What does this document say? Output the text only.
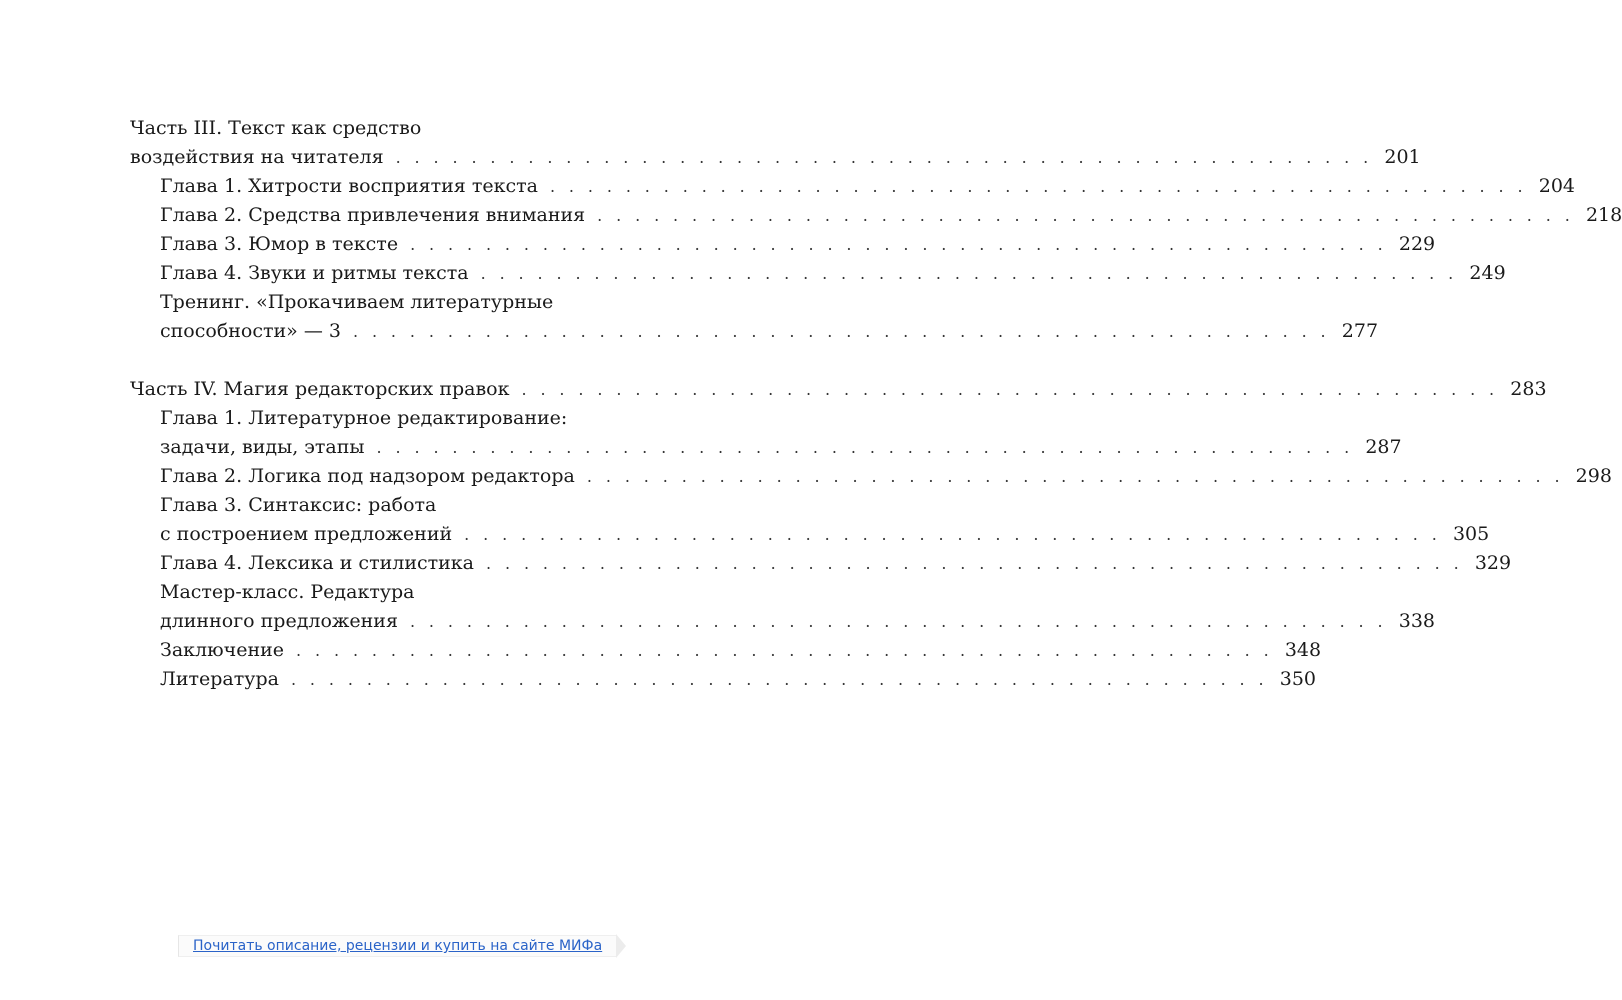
Часть III. Текст как средство
воздействия на читателя . . . . . . . . . . . . . . . . . . . . . . . . . . . . . . . . . . . . . . . . . . . . . . . . . . . . 201
Глава 1. Хитрости восприятия текста . . . . . . . . . . . . . . . . . . . . . . . . . . . . . . . . . . . . . . . . . . . . . . . . . . . . 204
Глава 2. Средства привлечения внимания . . . . . . . . . . . . . . . . . . . . . . . . . . . . . . . . . . . . . . . . . . . . . . . . . . . . 218
Глава 3. Юмор в тексте . . . . . . . . . . . . . . . . . . . . . . . . . . . . . . . . . . . . . . . . . . . . . . . . . . . . 229
Глава 4. Звуки и ритмы текста . . . . . . . . . . . . . . . . . . . . . . . . . . . . . . . . . . . . . . . . . . . . . . . . . . . . 249
Тренинг. «Прокачиваем литературные
способности» — 3 . . . . . . . . . . . . . . . . . . . . . . . . . . . . . . . . . . . . . . . . . . . . . . . . . . . . 277
Часть IV. Магия редакторских правок . . . . . . . . . . . . . . . . . . . . . . . . . . . . . . . . . . . . . . . . . . . . . . . . . . . . 283
Глава 1. Литературное редактирование:
задачи, виды, этапы . . . . . . . . . . . . . . . . . . . . . . . . . . . . . . . . . . . . . . . . . . . . . . . . . . . . 287
Глава 2. Логика под надзором редактора . . . . . . . . . . . . . . . . . . . . . . . . . . . . . . . . . . . . . . . . . . . . . . . . . . . . 298
Глава 3. Синтаксис: работа
с построением предложений . . . . . . . . . . . . . . . . . . . . . . . . . . . . . . . . . . . . . . . . . . . . . . . . . . . . 305
Глава 4. Лексика и стилистика . . . . . . . . . . . . . . . . . . . . . . . . . . . . . . . . . . . . . . . . . . . . . . . . . . . . 329
Мастер-класс. Редактура
длинного предложения . . . . . . . . . . . . . . . . . . . . . . . . . . . . . . . . . . . . . . . . . . . . . . . . . . . . 338
Заключение . . . . . . . . . . . . . . . . . . . . . . . . . . . . . . . . . . . . . . . . . . . . . . . . . . . . 348
Литература . . . . . . . . . . . . . . . . . . . . . . . . . . . . . . . . . . . . . . . . . . . . . . . . . . . . 350
Почитать описание, рецензии и купить на сайте МИФа
